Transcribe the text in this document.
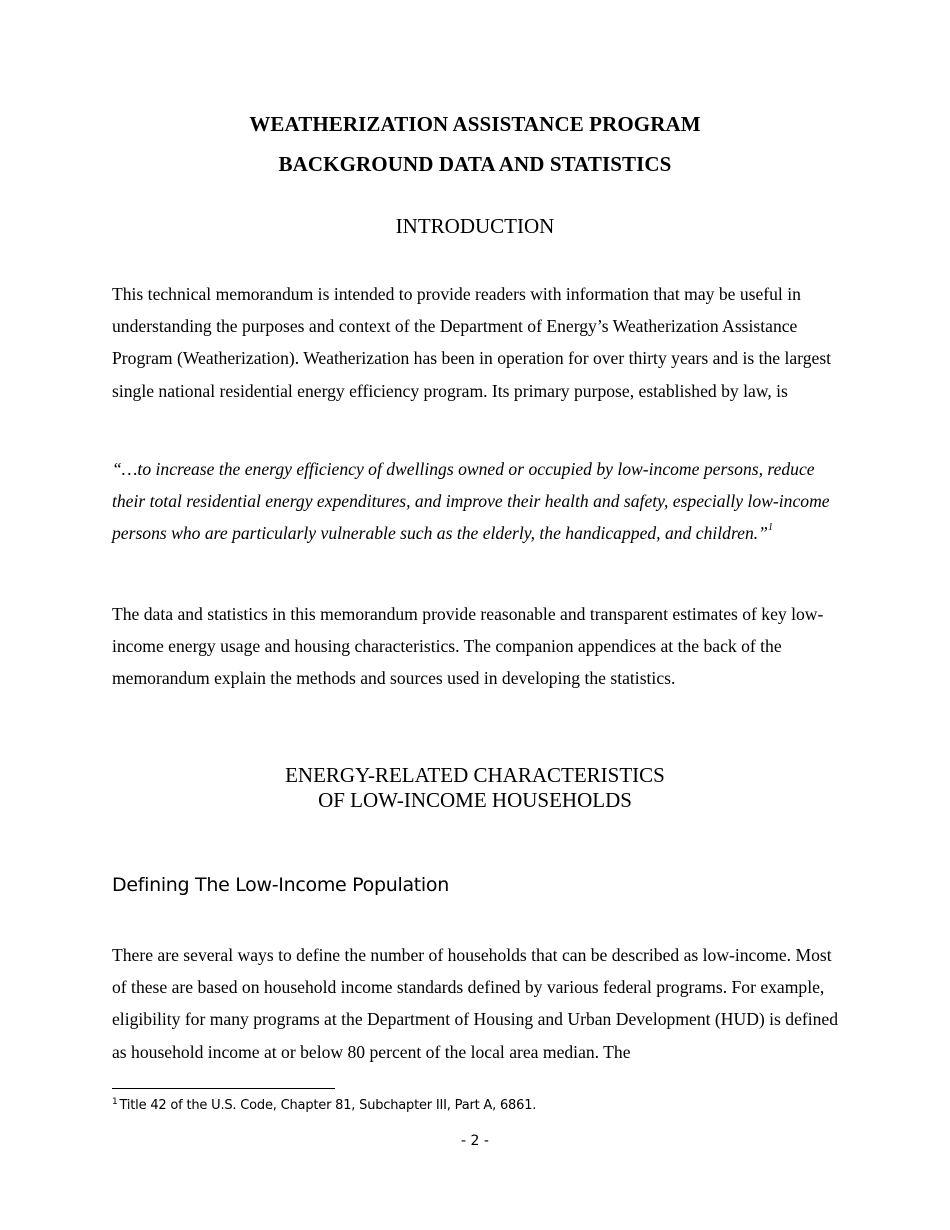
WEATHERIZATION ASSISTANCE PROGRAM
BACKGROUND DATA AND STATISTICS
INTRODUCTION

This technical memorandum is intended to provide readers with information that may be useful in understanding the purposes and context of the Department of Energy’s Weatherization Assistance Program (Weatherization). Weatherization has been in operation for over thirty years and is the largest single national residential energy efficiency program. Its primary purpose, established by law, is

“…to increase the energy efficiency of dwellings owned or occupied by low-income persons, reduce their total residential energy expenditures, and improve their health and safety, especially low-income persons who are particularly vulnerable such as the elderly, the handicapped, and children.”$^1$

The data and statistics in this memorandum provide reasonable and transparent estimates of key low-income energy usage and housing characteristics. The companion appendices at the back of the memorandum explain the methods and sources used in developing the statistics.

ENERGY-RELATED CHARACTERISTICS
OF LOW-INCOME HOUSEHOLDS
Defining The Low-Income Population

There are several ways to define the number of households that can be described as low-income. Most of these are based on household income standards defined by various federal programs. For example, eligibility for many programs at the Department of Housing and Urban Development (HUD) is defined as household income at or below 80 percent of the local area median. The

$^1$ Title 42 of the U.S. Code, Chapter 81, Subchapter III, Part A, 6861.
- 2 -
